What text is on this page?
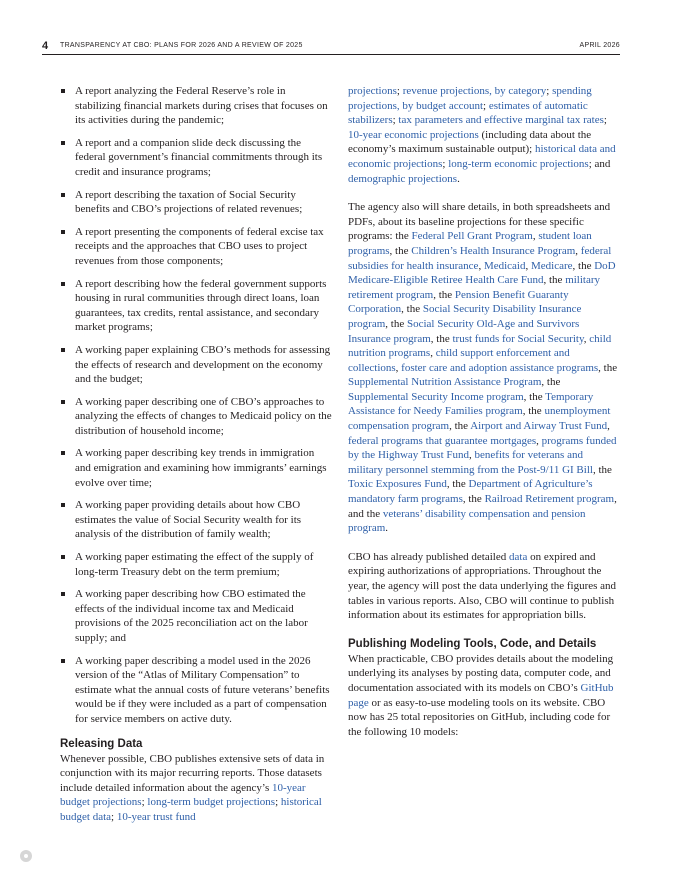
4 TRANSPARENCY AT CBO: PLANS FOR 2026 AND A REVIEW OF 2025	APRIL 2026
A report analyzing the Federal Reserve’s role in stabilizing financial markets during crises that focuses on its activities during the pandemic;
A report and a companion slide deck discussing the federal government’s financial commitments through its credit and insurance programs;
A report describing the taxation of Social Security benefits and CBO’s projections of related revenues;
A report presenting the components of federal excise tax receipts and the approaches that CBO uses to project revenues from those components;
A report describing how the federal government supports housing in rural communities through direct loans, loan guarantees, tax credits, rental assistance, and secondary market programs;
A working paper explaining CBO’s methods for assessing the effects of research and development on the economy and the budget;
A working paper describing one of CBO’s approaches to analyzing the effects of changes to Medicaid policy on the distribution of household income;
A working paper describing key trends in immigration and emigration and examining how immigrants’ earnings evolve over time;
A working paper providing details about how CBO estimates the value of Social Security wealth for its analysis of the distribution of family wealth;
A working paper estimating the effect of the supply of long-term Treasury debt on the term premium;
A working paper describing how CBO estimated the effects of the individual income tax and Medicaid provisions of the 2025 reconciliation act on the labor supply; and
A working paper describing a model used in the 2026 version of the “Atlas of Military Compensation” to estimate what the annual costs of future veterans’ benefits would be if they were included as a part of compensation for service members on active duty.
Releasing Data

Whenever possible, CBO publishes extensive sets of data in conjunction with its major recurring reports. Those datasets include detailed information about the agency’s 10-year budget projections; long-term budget projections; historical budget data; 10-year trust fund

projections; revenue projections, by category; spending projections, by budget account; estimates of automatic stabilizers; tax parameters and effective marginal tax rates; 10-year economic projections (including data about the economy’s maximum sustainable output); historical data and economic projections; long-term economic projections; and demographic projections.

The agency also will share details, in both spreadsheets and PDFs, about its baseline projections for these specific programs: the Federal Pell Grant Program, student loan programs, the Children’s Health Insurance Program, federal subsidies for health insurance, Medicaid, Medicare, the DoD Medicare-Eligible Retiree Health Care Fund, the military retirement program, the Pension Benefit Guaranty Corporation, the Social Security Disability Insurance program, the Social Security Old-Age and Survivors Insurance program, the trust funds for Social Security, child nutrition programs, child support enforcement and collections, foster care and adoption assistance programs, the Supplemental Nutrition Assistance Program, the Supplemental Security Income program, the Temporary Assistance for Needy Families program, the unemployment compensation program, the Airport and Airway Trust Fund, federal programs that guarantee mortgages, programs funded by the Highway Trust Fund, benefits for veterans and military personnel stemming from the Post-9/11 GI Bill, the Toxic Exposures Fund, the Department of Agriculture’s mandatory farm programs, the Railroad Retirement program, and the veterans’ disability compensation and pension program.

CBO has already published detailed data on expired and expiring authorizations of appropriations. Throughout the year, the agency will post the data underlying the figures and tables in various reports. Also, CBO will continue to publish information about its estimates for appropriation bills.

Publishing Modeling Tools, Code, and Details

When practicable, CBO provides details about the modeling underlying its analyses by posting data, computer code, and documentation associated with its models on CBO’s GitHub page or as easy-to-use modeling tools on its website. CBO now has 25 total repositories on GitHub, including code for the following 10 models:
